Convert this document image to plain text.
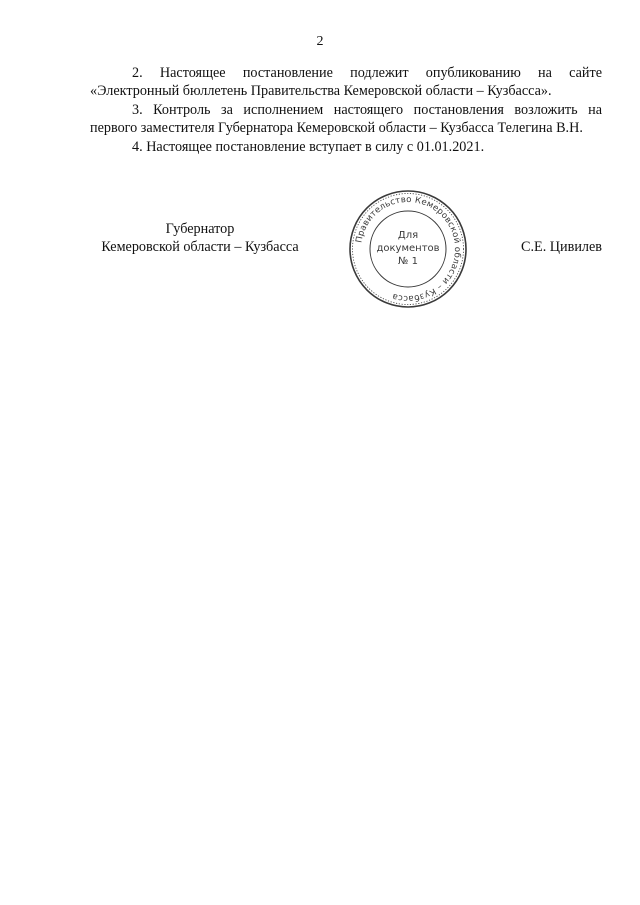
2

2. Настоящее постановление подлежит опубликованию на сайте «Электронный бюллетень Правительства Кемеровской области – Кузбасса».

3. Контроль за исполнением настоящего постановления возложить на первого заместителя Губернатора Кемеровской области – Кузбасса Телегина В.Н.

4. Настоящее постановление вступает в силу с 01.01.2021.

Губернатор
Кемеровской области – Кузбасса	С.Е. Цивилев
Правительство Кемеровской области – Кузбасса
Для
документов
№ 1
